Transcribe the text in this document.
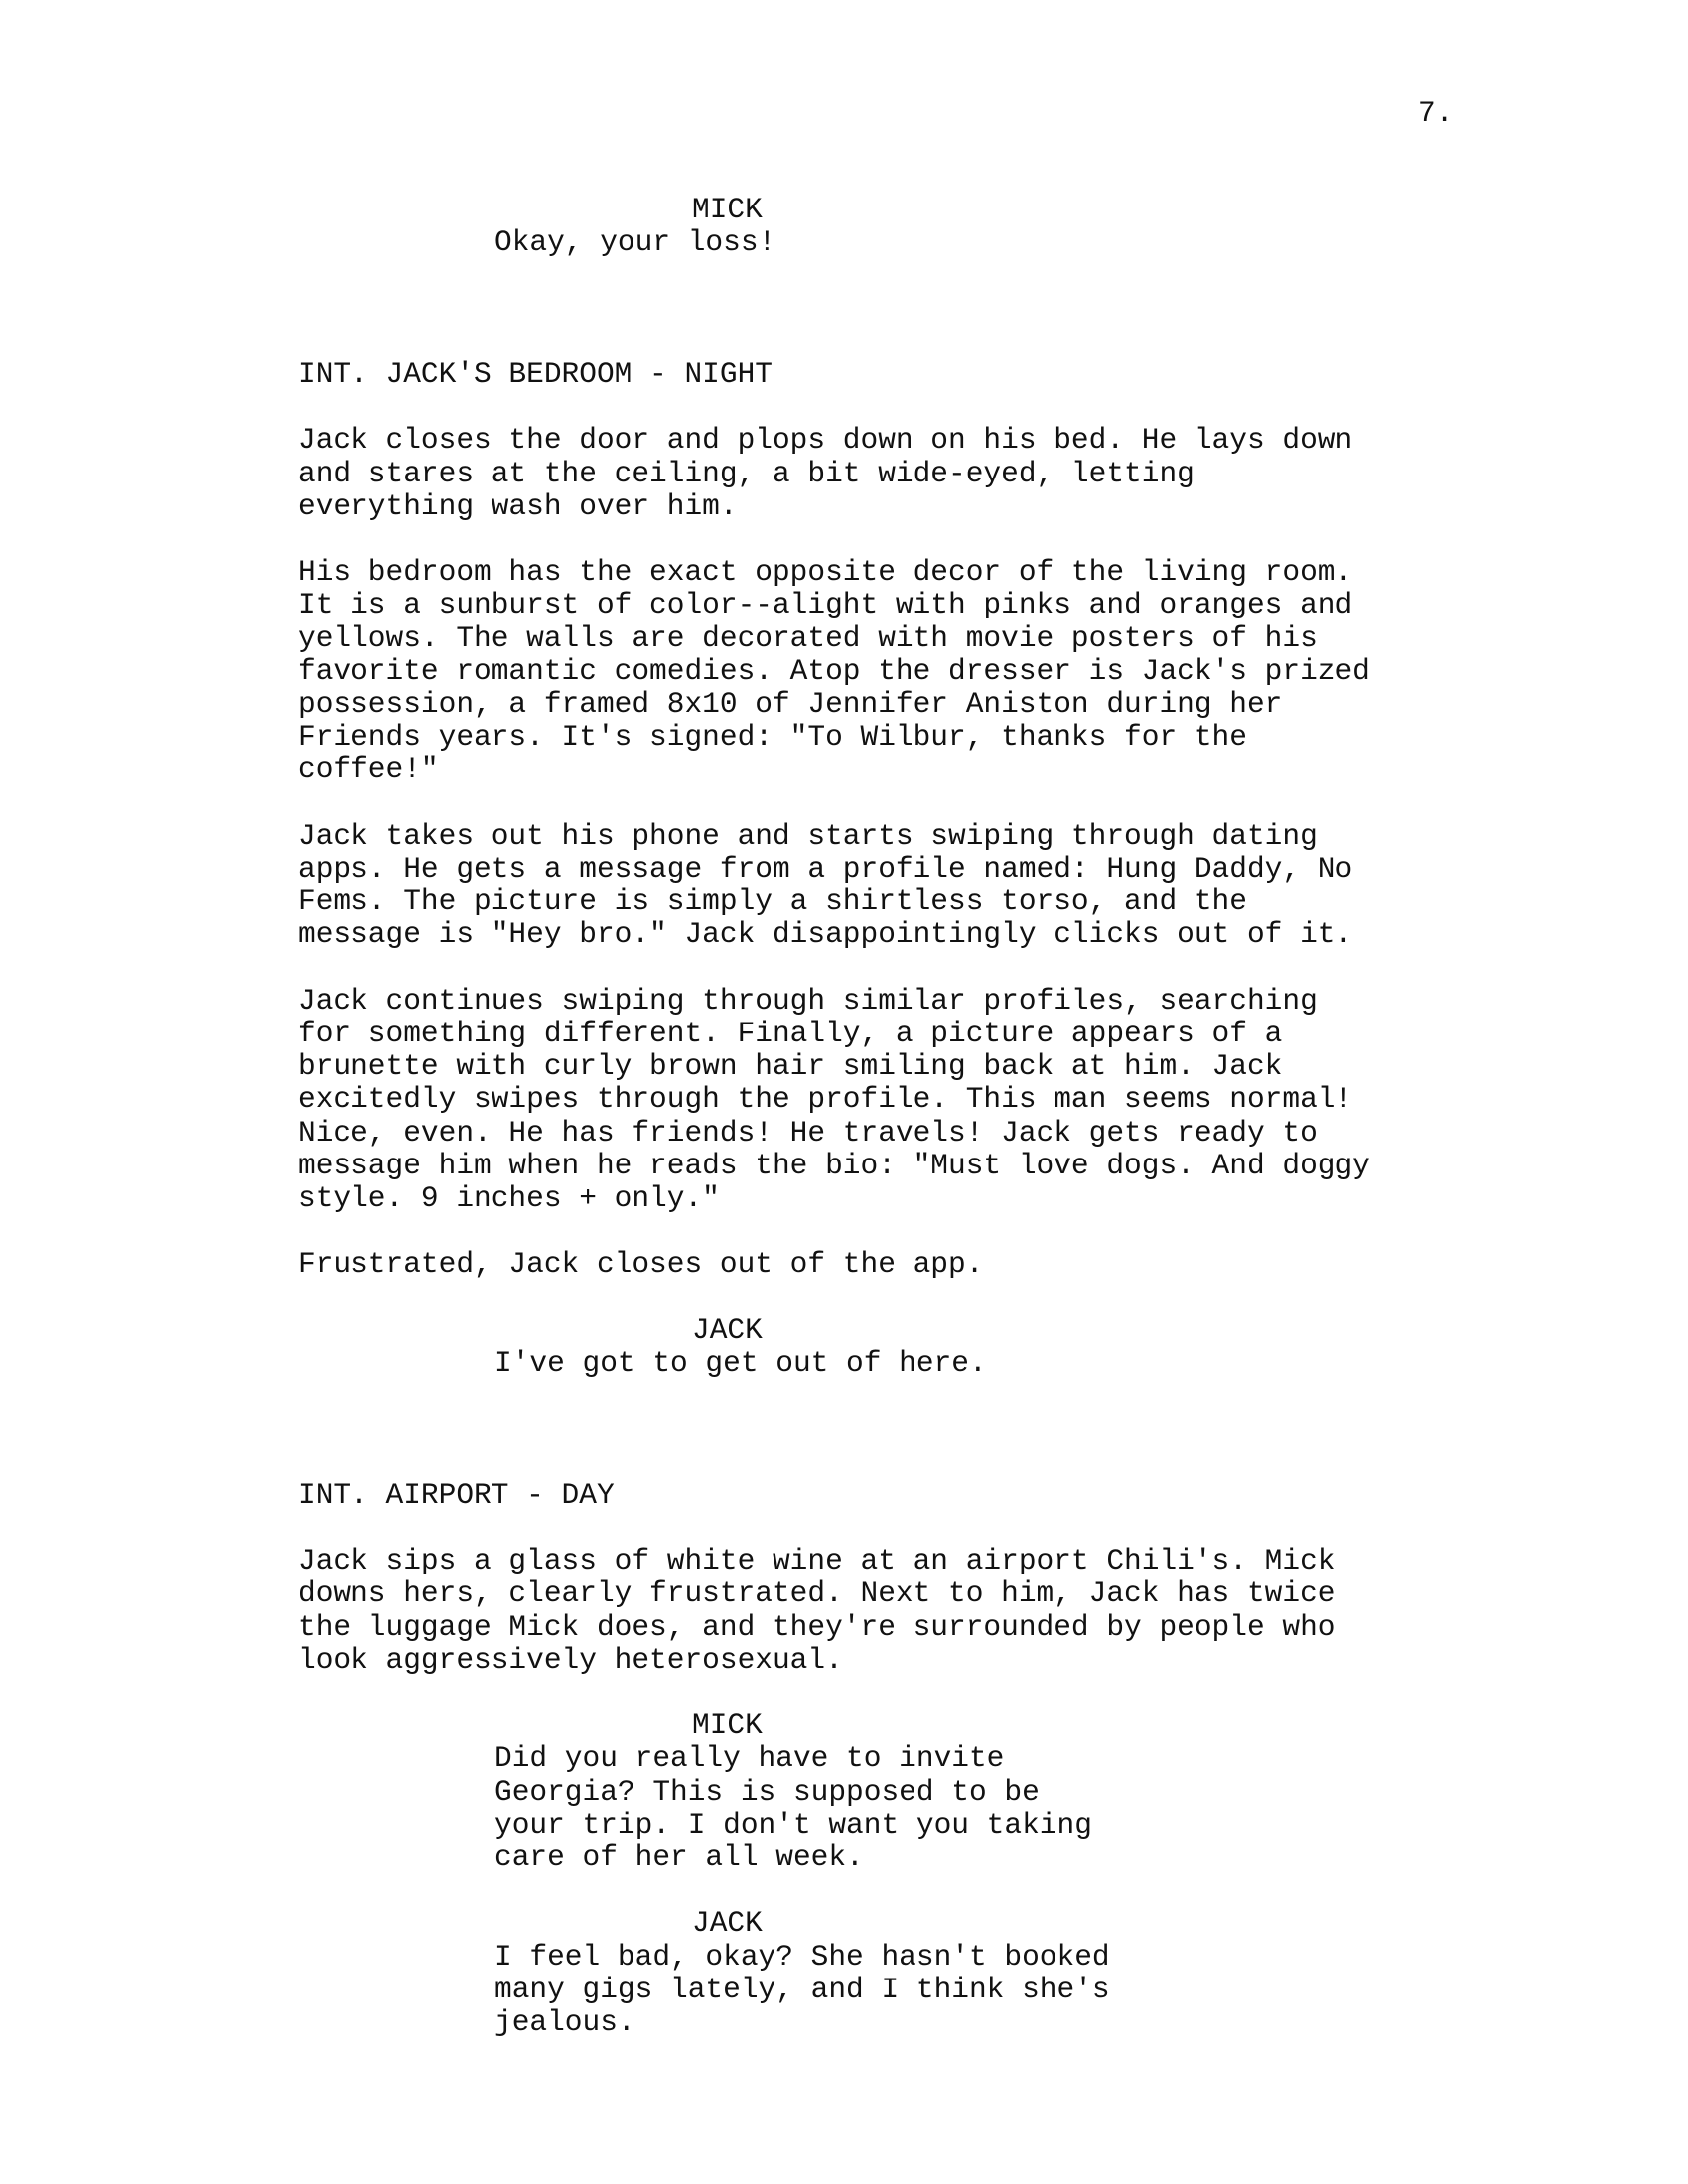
7.

MICK

Okay, your loss!

INT. JACK'S BEDROOM - NIGHT

Jack closes the door and plops down on his bed. He lays down
and stares at the ceiling, a bit wide-eyed, letting
everything wash over him.

His bedroom has the exact opposite decor of the living room.
It is a sunburst of color--alight with pinks and oranges and
yellows. The walls are decorated with movie posters of his
favorite romantic comedies. Atop the dresser is Jack's prized
possession, a framed 8x10 of Jennifer Aniston during her
Friends years. It's signed: "To Wilbur, thanks for the
coffee!"

Jack takes out his phone and starts swiping through dating
apps. He gets a message from a profile named: Hung Daddy, No
Fems. The picture is simply a shirtless torso, and the
message is "Hey bro." Jack disappointingly clicks out of it.

Jack continues swiping through similar profiles, searching
for something different. Finally, a picture appears of a
brunette with curly brown hair smiling back at him. Jack
excitedly swipes through the profile. This man seems normal!
Nice, even. He has friends! He travels! Jack gets ready to
message him when he reads the bio: "Must love dogs. And doggy
style. 9 inches + only."

Frustrated, Jack closes out of the app.

JACK

I've got to get out of here.

INT. AIRPORT - DAY

Jack sips a glass of white wine at an airport Chili's. Mick
downs hers, clearly frustrated. Next to him, Jack has twice
the luggage Mick does, and they're surrounded by people who
look aggressively heterosexual.

MICK

Did you really have to invite
Georgia? This is supposed to be
your trip. I don't want you taking
care of her all week.

JACK

I feel bad, okay? She hasn't booked
many gigs lately, and I think she's
jealous.
